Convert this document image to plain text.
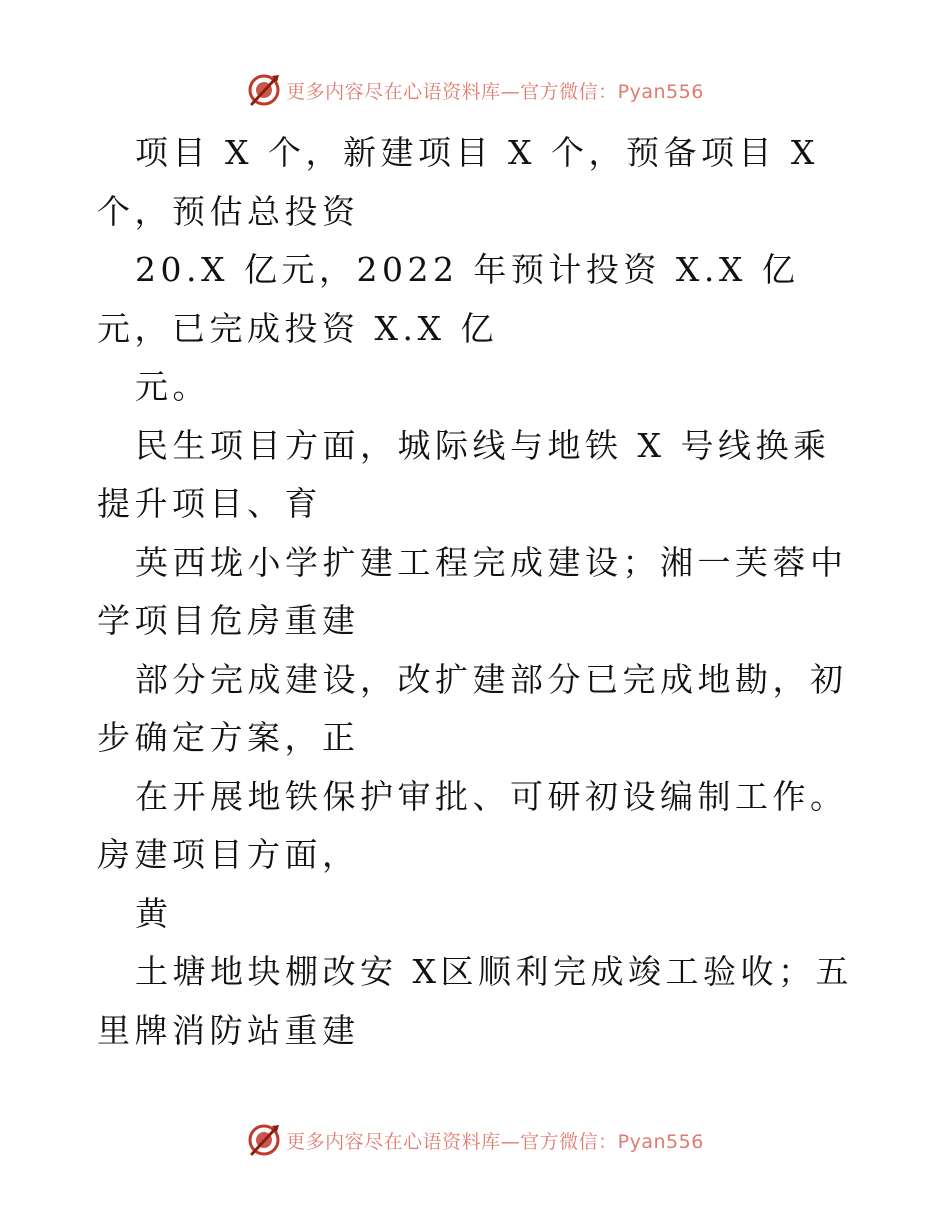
更多内容尽在心语资料库—官方微信：Pyan556

项目 X 个，新建项目 X 个，预备项目 X 个，预估总投资

20.X 亿元，2022 年预计投资 X.X 亿元，已完成投资 X.X 亿

元。

民生项目方面，城际线与地铁 X 号线换乘提升项目、育

英西垅小学扩建工程完成建设；湘一芙蓉中学项目危房重建

部分完成建设，改扩建部分已完成地勘，初步确定方案，正

在开展地铁保护审批、可研初设编制工作。房建项目方面，

黄

土塘地块棚改安 X区顺利完成竣工验收；五里牌消防站重建

更多内容尽在心语资料库—官方微信：Pyan556
